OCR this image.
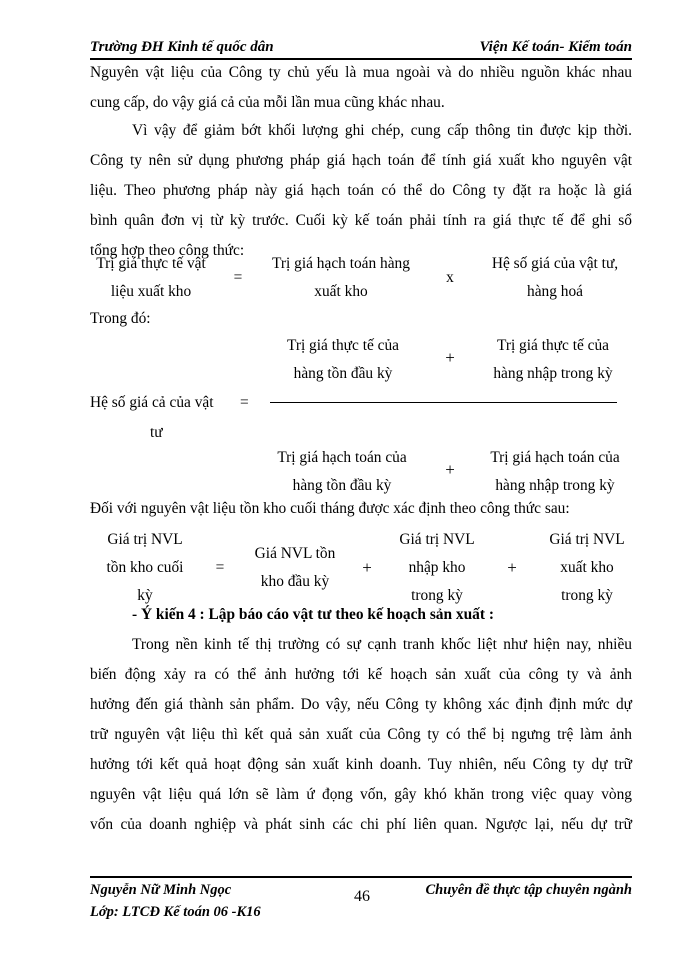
Trường ĐH Kinh tế quốc dân	Viện Kế toán- Kiểm toán
Nguyên vật liệu của Công ty chủ yếu là mua ngoài và do nhiều nguồn khác nhau
cung cấp, do vậy giá cả của mỗi lần mua cũng khác nhau.
Vì vậy để giảm bớt khối lượng ghi chép, cung cấp thông tin được kịp thời.
Công ty nên sử dụng phương pháp giá hạch toán để tính giá xuất kho nguyên vật
liệu. Theo phương pháp này giá hạch toán có thể do Công ty đặt ra hoặc là giá
bình quân đơn vị từ kỳ trước. Cuối kỳ kế toán phải tính ra giá thực tế để ghi sổ
tổng hợp theo công thức:
Trị giá thực tế vật
liệu xuất kho
=
Trị giá hạch toán hàng
xuất kho
x
Hệ số giá của vật tư,
hàng hoá
Trong đó:
Trị giá thực tế của
hàng tồn đầu kỳ
+
Trị giá thực tế của
hàng nhập trong kỳ
Hệ số giá cả của vật
tư
=
Trị giá hạch toán của
hàng tồn đầu kỳ
+
Trị giá hạch toán của
hàng nhập trong kỳ
Đối với nguyên vật liệu tồn kho cuối tháng được xác định theo công thức sau:
Giá trị NVL
tồn kho cuối
kỳ
=
Giá NVL tồn
kho đầu kỳ
+
Giá trị NVL
nhập kho
trong kỳ
+
Giá trị NVL
xuất kho
trong kỳ
- Ý kiến 4 : Lập báo cáo vật tư theo kế hoạch sản xuất :
Trong nền kinh tế thị trường có sự cạnh tranh khốc liệt như hiện nay, nhiều
biến động xảy ra có thể ảnh hưởng tới kế hoạch sản xuất của công ty và ảnh
hưởng đến giá thành sản phẩm. Do vậy, nếu Công ty không xác định định mức dự
trữ nguyên vật liệu thì kết quả sản xuất của Công ty có thể bị ngưng trệ làm ảnh
hưởng tới kết quả hoạt động sản xuất kinh doanh. Tuy nhiên, nếu Công ty dự trữ
nguyên vật liệu quá lớn sẽ làm ứ đọng vốn, gây khó khăn trong việc quay vòng
vốn của doanh nghiệp và phát sinh các chi phí liên quan. Ngược lại, nếu dự trữ
Nguyễn Nữ Minh Ngọc
Lớp: LTCĐ Kế toán 06 -K16
46	Chuyên đề thực tập chuyên ngành
